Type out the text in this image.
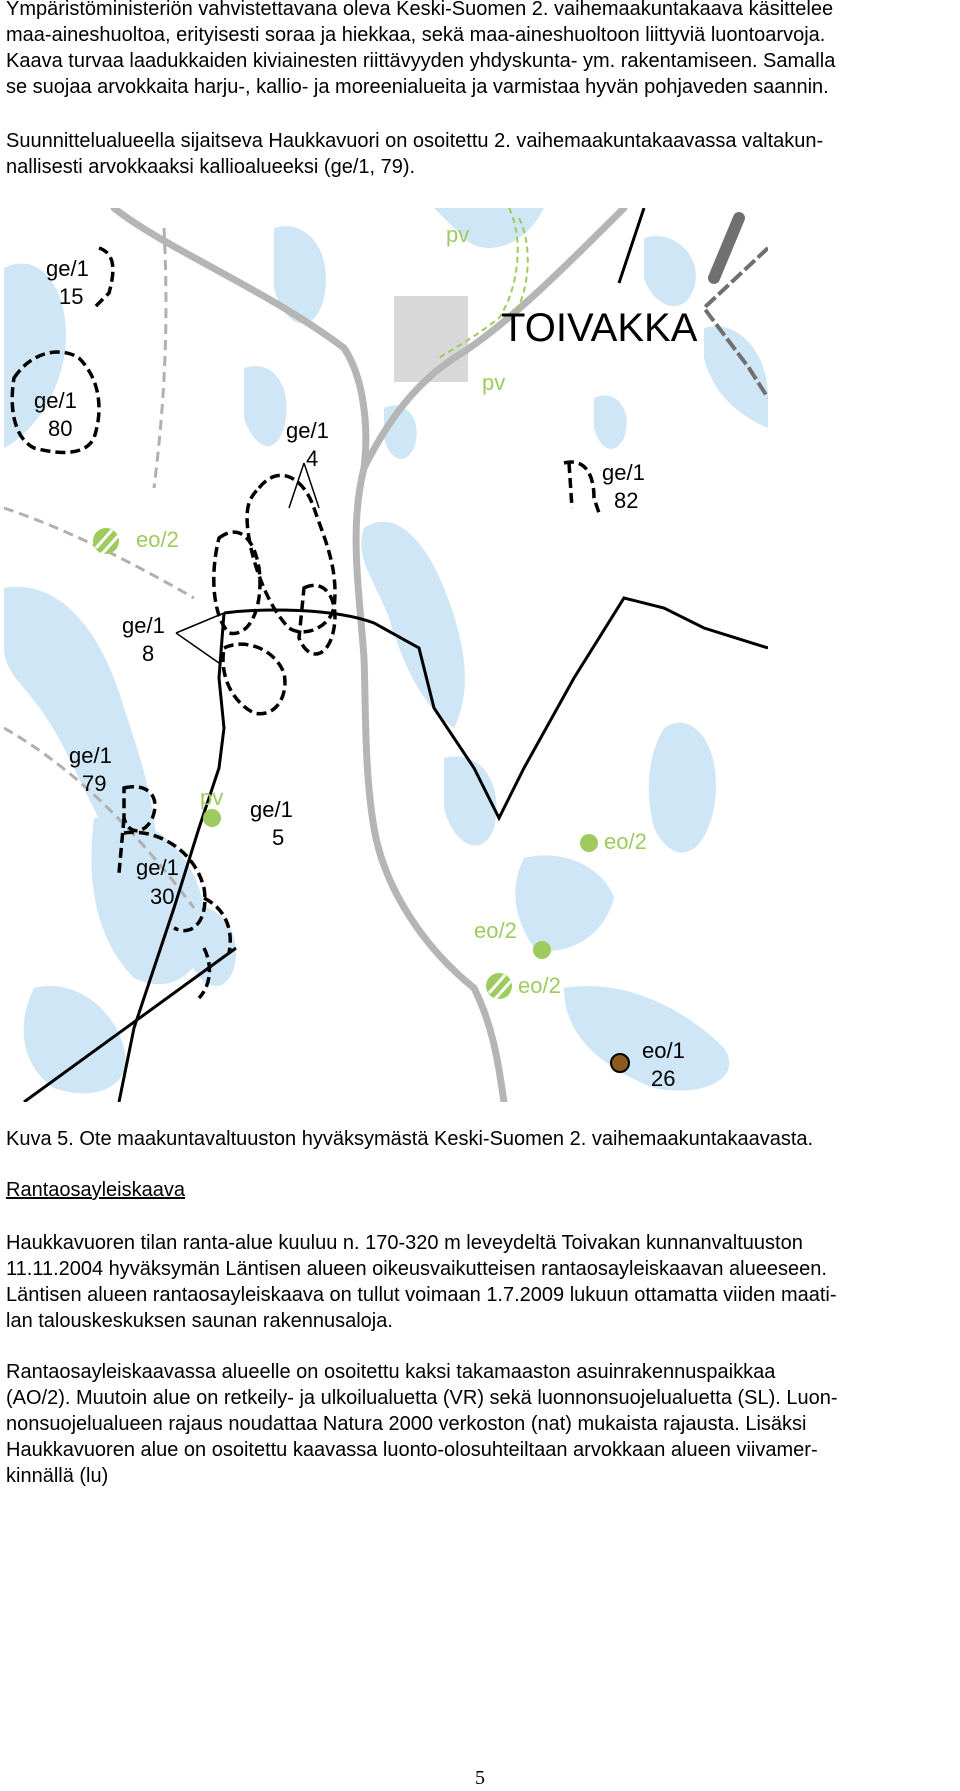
Ympäristöministeriön vahvistettavana oleva Keski-Suomen 2. vaihemaakuntakaava käsittelee
maa-aineshuoltoa, erityisesti soraa ja hiekkaa, sekä maa-aineshuoltoon liittyviä luontoarvoja.
Kaava turvaa laadukkaiden kiviainesten riittävyyden yhdyskunta- ym. rakentamiseen. Samalla
se suojaa arvokkaita harju-, kallio- ja moreenialueita ja varmistaa hyvän pohjaveden saannin.

Suunnittelualueella sijaitseva Haukkavuori on osoitettu 2. vaihemaakuntakaavassa valtakun-
nallisesti arvokkaaksi kallioalueeksi (ge/1, 79).

TOIVAKKA
ge/1
15
ge/1
80	ge/1
4
ge/1
82
ge/1
8
ge/1
79
ge/1
5
ge/1
30
eo/1
26
pv
pv
pv
eo/2
eo/2
eo/2
eo/2
Kuva 5. Ote maakuntavaltuuston hyväksymästä Keski-Suomen 2. vaihemaakuntakaavasta.
Rantaosayleiskaava

Haukkavuoren tilan ranta-alue kuuluu n. 170-320 m leveydeltä Toivakan kunnanvaltuuston
11.11.2004 hyväksymän Läntisen alueen oikeusvaikutteisen rantaosayleiskaavan alueeseen.
Läntisen alueen rantaosayleiskaava on tullut voimaan 1.7.2009 lukuun ottamatta viiden maati-
lan talouskeskuksen saunan rakennusaloja.

Rantaosayleiskaavassa alueelle on osoitettu kaksi takamaaston asuinrakennuspaikkaa
(AO/2). Muutoin alue on retkeily- ja ulkoilualuetta (VR) sekä luonnonsuojelualuetta (SL). Luon-
nonsuojelualueen rajaus noudattaa Natura 2000 verkoston (nat) mukaista rajausta. Lisäksi
Haukkavuoren alue on osoitettu kaavassa luonto-olosuhteiltaan arvokkaan alueen viivamer-
kinnällä (lu)

5
